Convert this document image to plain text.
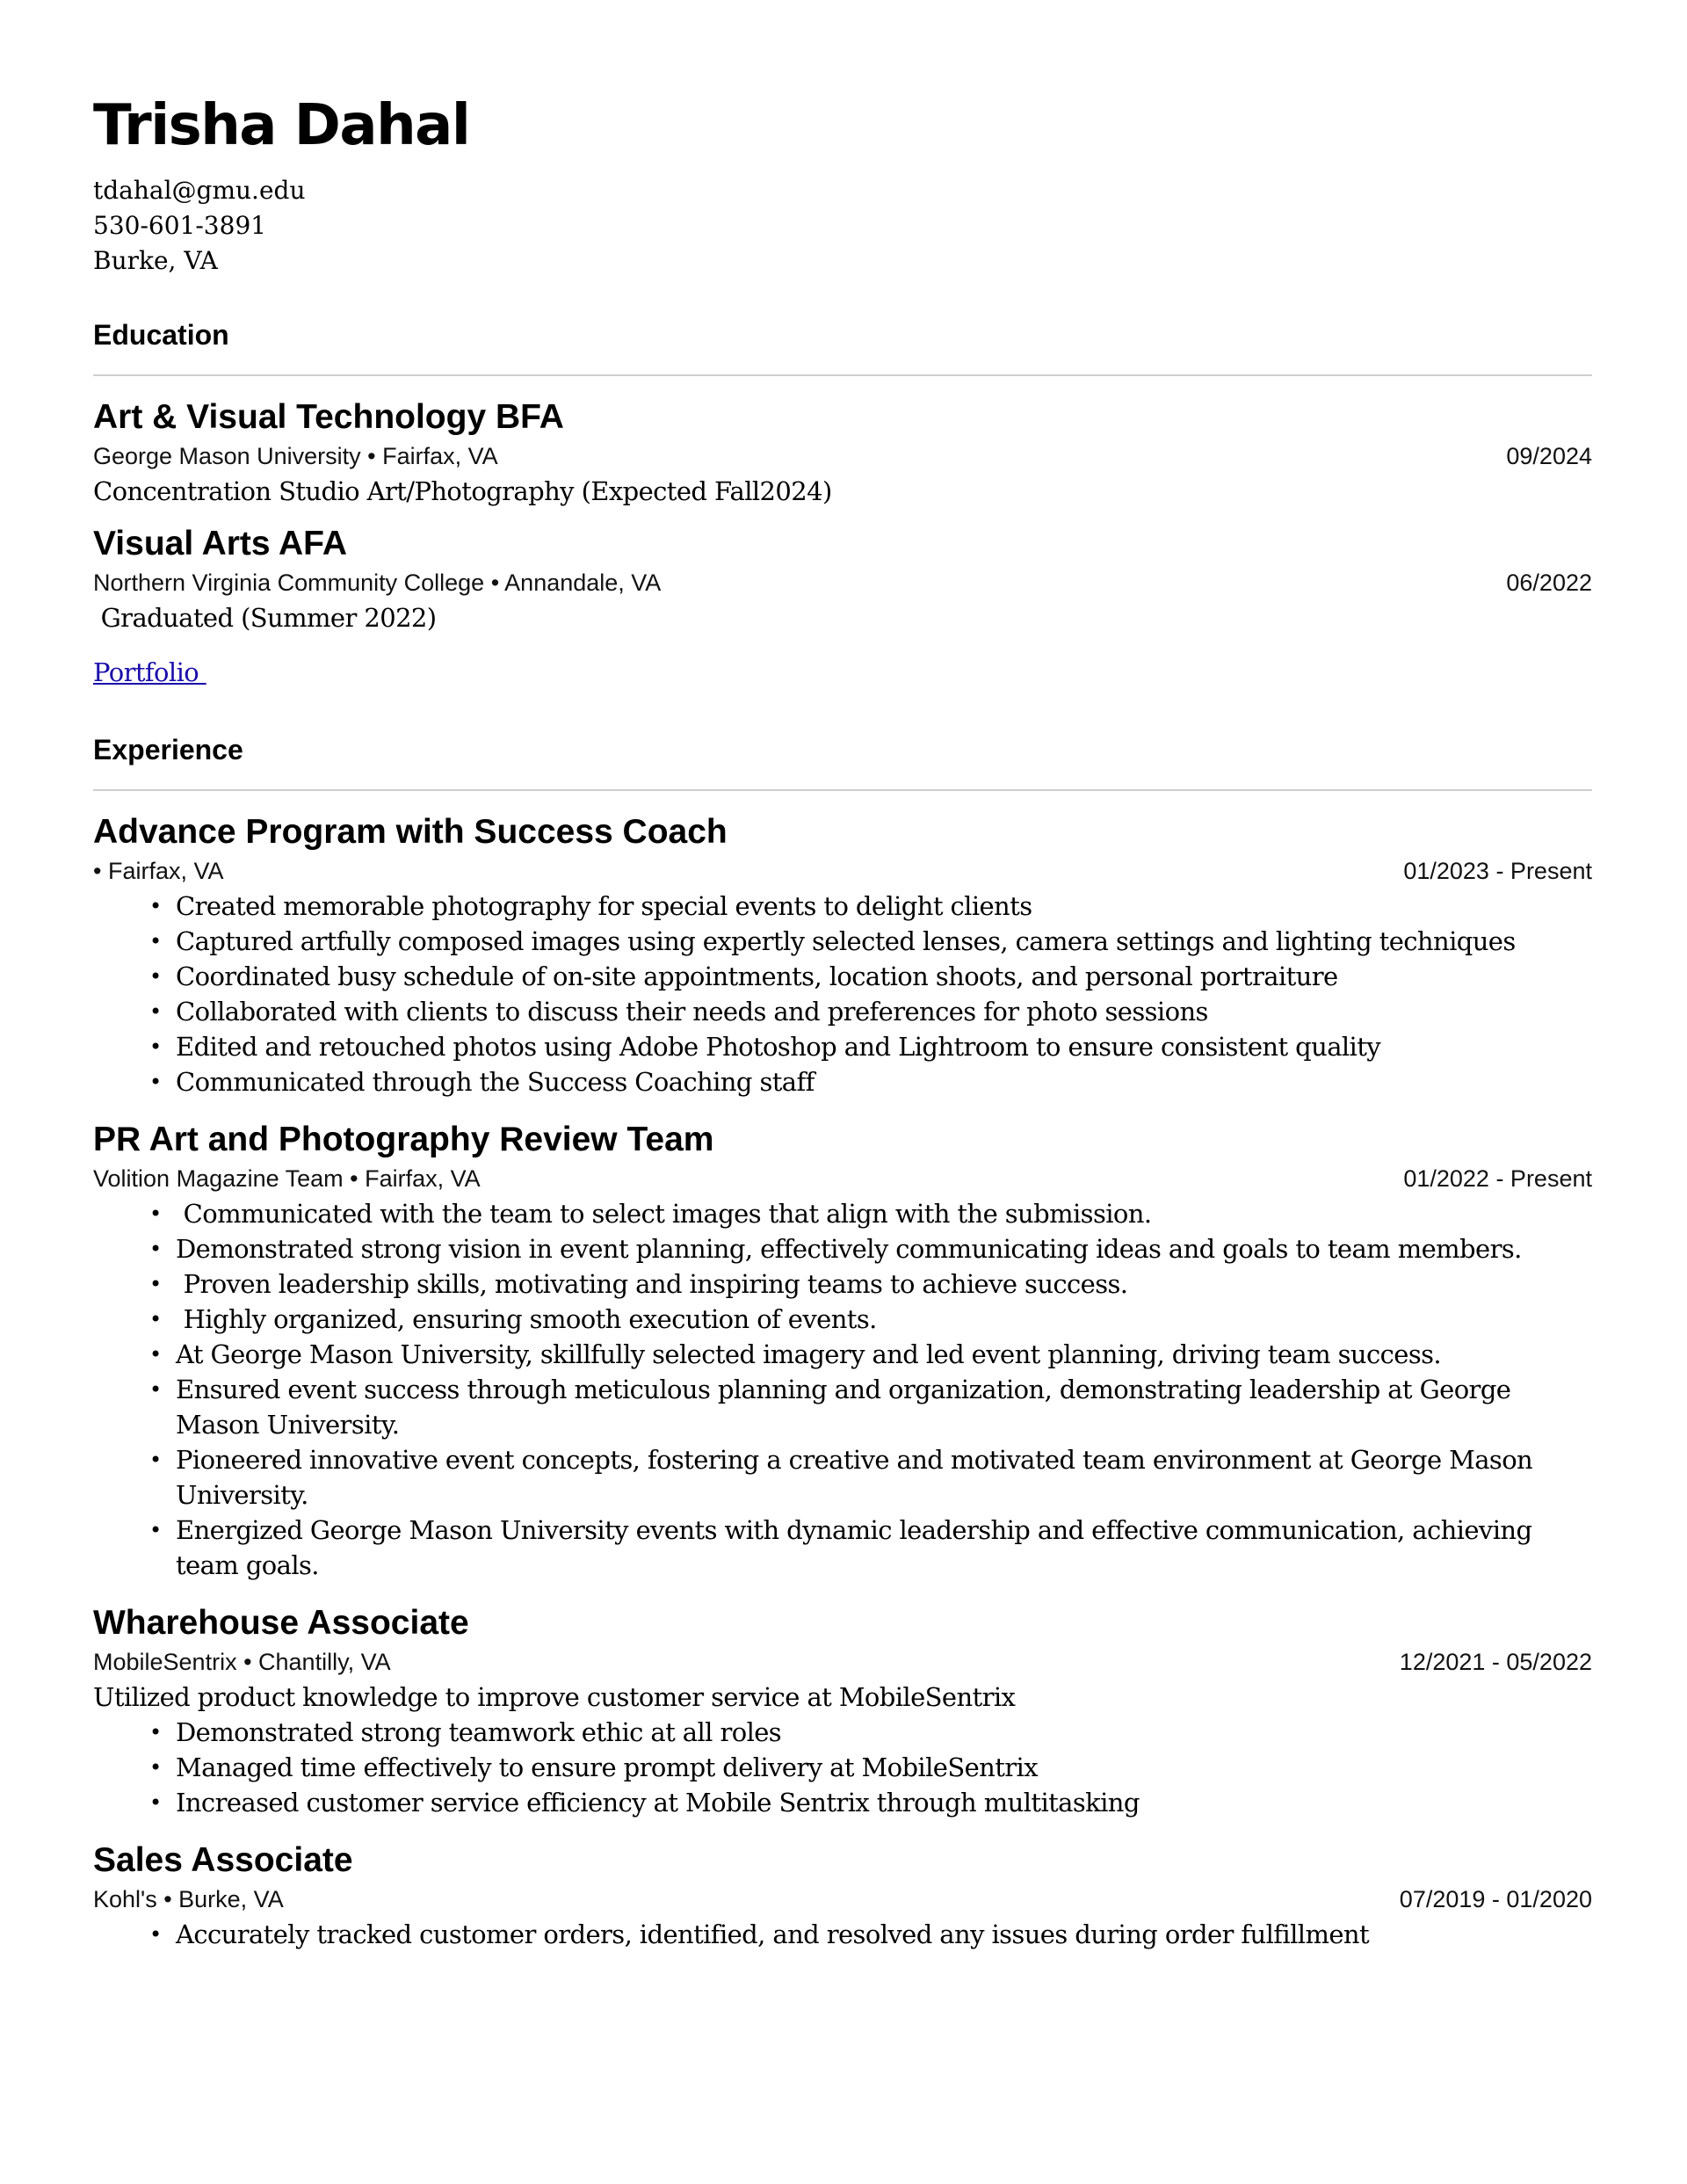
Trisha Dahal
tdahal@gmu.edu
530-601-3891
Burke, VA
Education
Art & Visual Technology BFA
George Mason University • Fairfax, VA	09/2024

Concentration Studio Art/Photography (Expected Fall2024)

Visual Arts AFA
Northern Virginia Community College • Annandale, VA	06/2022

Graduated (Summer 2022)

Portfolio
Experience
Advance Program with Success Coach
• Fairfax, VA	01/2023 - Present
• Created memorable photography for special events to delight clients
• Captured artfully composed images using expertly selected lenses, camera settings and lighting techniques
• Coordinated busy schedule of on-site appointments, location shoots, and personal portraiture
• Collaborated with clients to discuss their needs and preferences for photo sessions
• Edited and retouched photos using Adobe Photoshop and Lightroom to ensure consistent quality
• Communicated through the Success Coaching staff
PR Art and Photography Review Team
Volition Magazine Team • Fairfax, VA	01/2022 - Present
•  Communicated with the team to select images that align with the submission.
• Demonstrated strong vision in event planning, effectively communicating ideas and goals to team members.
•  Proven leadership skills, motivating and inspiring teams to achieve success.
•  Highly organized, ensuring smooth execution of events.
• At George Mason University, skillfully selected imagery and led event planning, driving team success.
• Ensured event success through meticulous planning and organization, demonstrating leadership at George Mason University.
• Pioneered innovative event concepts, fostering a creative and motivated team environment at George Mason University.
• Energized George Mason University events with dynamic leadership and effective communication, achieving team goals.
Wharehouse Associate
MobileSentrix • Chantilly, VA	12/2021 - 05/2022

Utilized product knowledge to improve customer service at MobileSentrix

• Demonstrated strong teamwork ethic at all roles
• Managed time effectively to ensure prompt delivery at MobileSentrix
• Increased customer service efficiency at Mobile Sentrix through multitasking
Sales Associate
Kohl's • Burke, VA	07/2019 - 01/2020
• Accurately tracked customer orders, identified, and resolved any issues during order fulfillment
